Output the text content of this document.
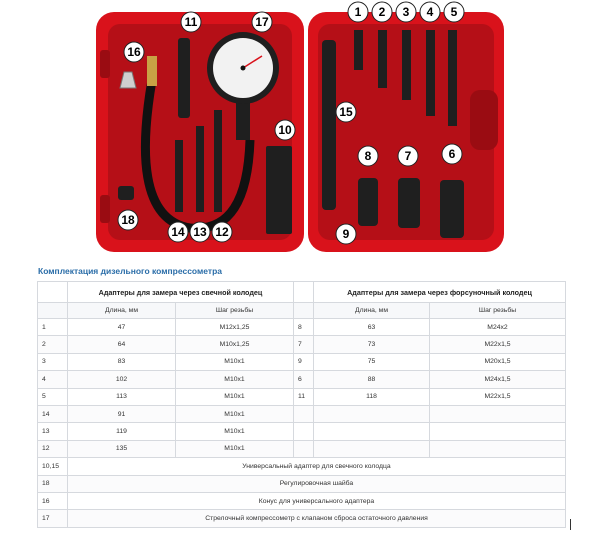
11	17
16
10
18
14 13 12
1 2 3 4 5
15
8	7	6
9
Комплектация дизельного компрессометра
	Адаптеры для замера через свечной колодец			Адаптеры для замера через форсуночный колодец	
	Длина, мм	Шаг резьбы		Длина, мм	Шаг резьбы
1	47	M12x1,25	8	63	M24x2
2	64	M10x1,25	7	73	M22x1,5
3	83	M10x1	9	75	M20x1,5
4	102	M10x1	6	88	M24x1,5
5	113	M10x1	11	118	M22x1,5
14	91	M10x1			
13	119	M10x1			
12	135	M10x1			
10,15	Универсальный адаптер для свечного колодца				
18	Регулировочная шайба				
16	Конус для универсального адаптера				
17	Стрелочный компрессометр с клапаном сброса остаточного давления				
